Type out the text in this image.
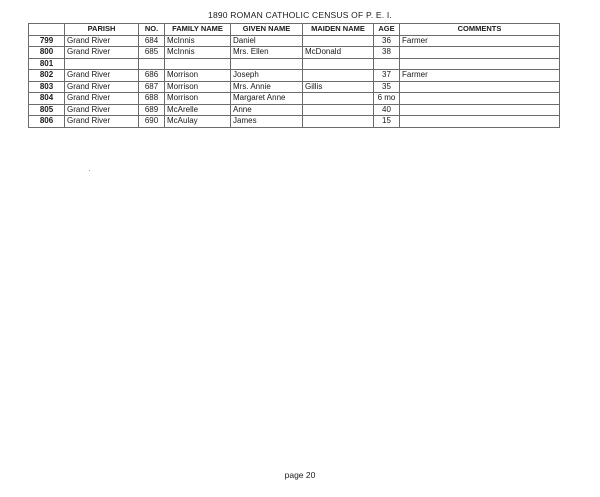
1890 ROMAN CATHOLIC CENSUS OF P. E. I.
	PARISH	NO.	FAMILY NAME	GIVEN NAME	MAIDEN NAME	AGE	COMMENTS
799	Grand River	684	McInnis	Daniel		36	Farmer
800	Grand River	685	McInnis	Mrs. Ellen	McDonald	38	
801							
802	Grand River	686	Morrison	Joseph		37	Farmer
803	Grand River	687	Morrison	Mrs. Annie	Gillis	35	
804	Grand River	688	Morrison	Margaret Anne		6 mo	
805	Grand River	689	McArelle	Anne		40	
806	Grand River	690	McAulay	James		15	
page 20
